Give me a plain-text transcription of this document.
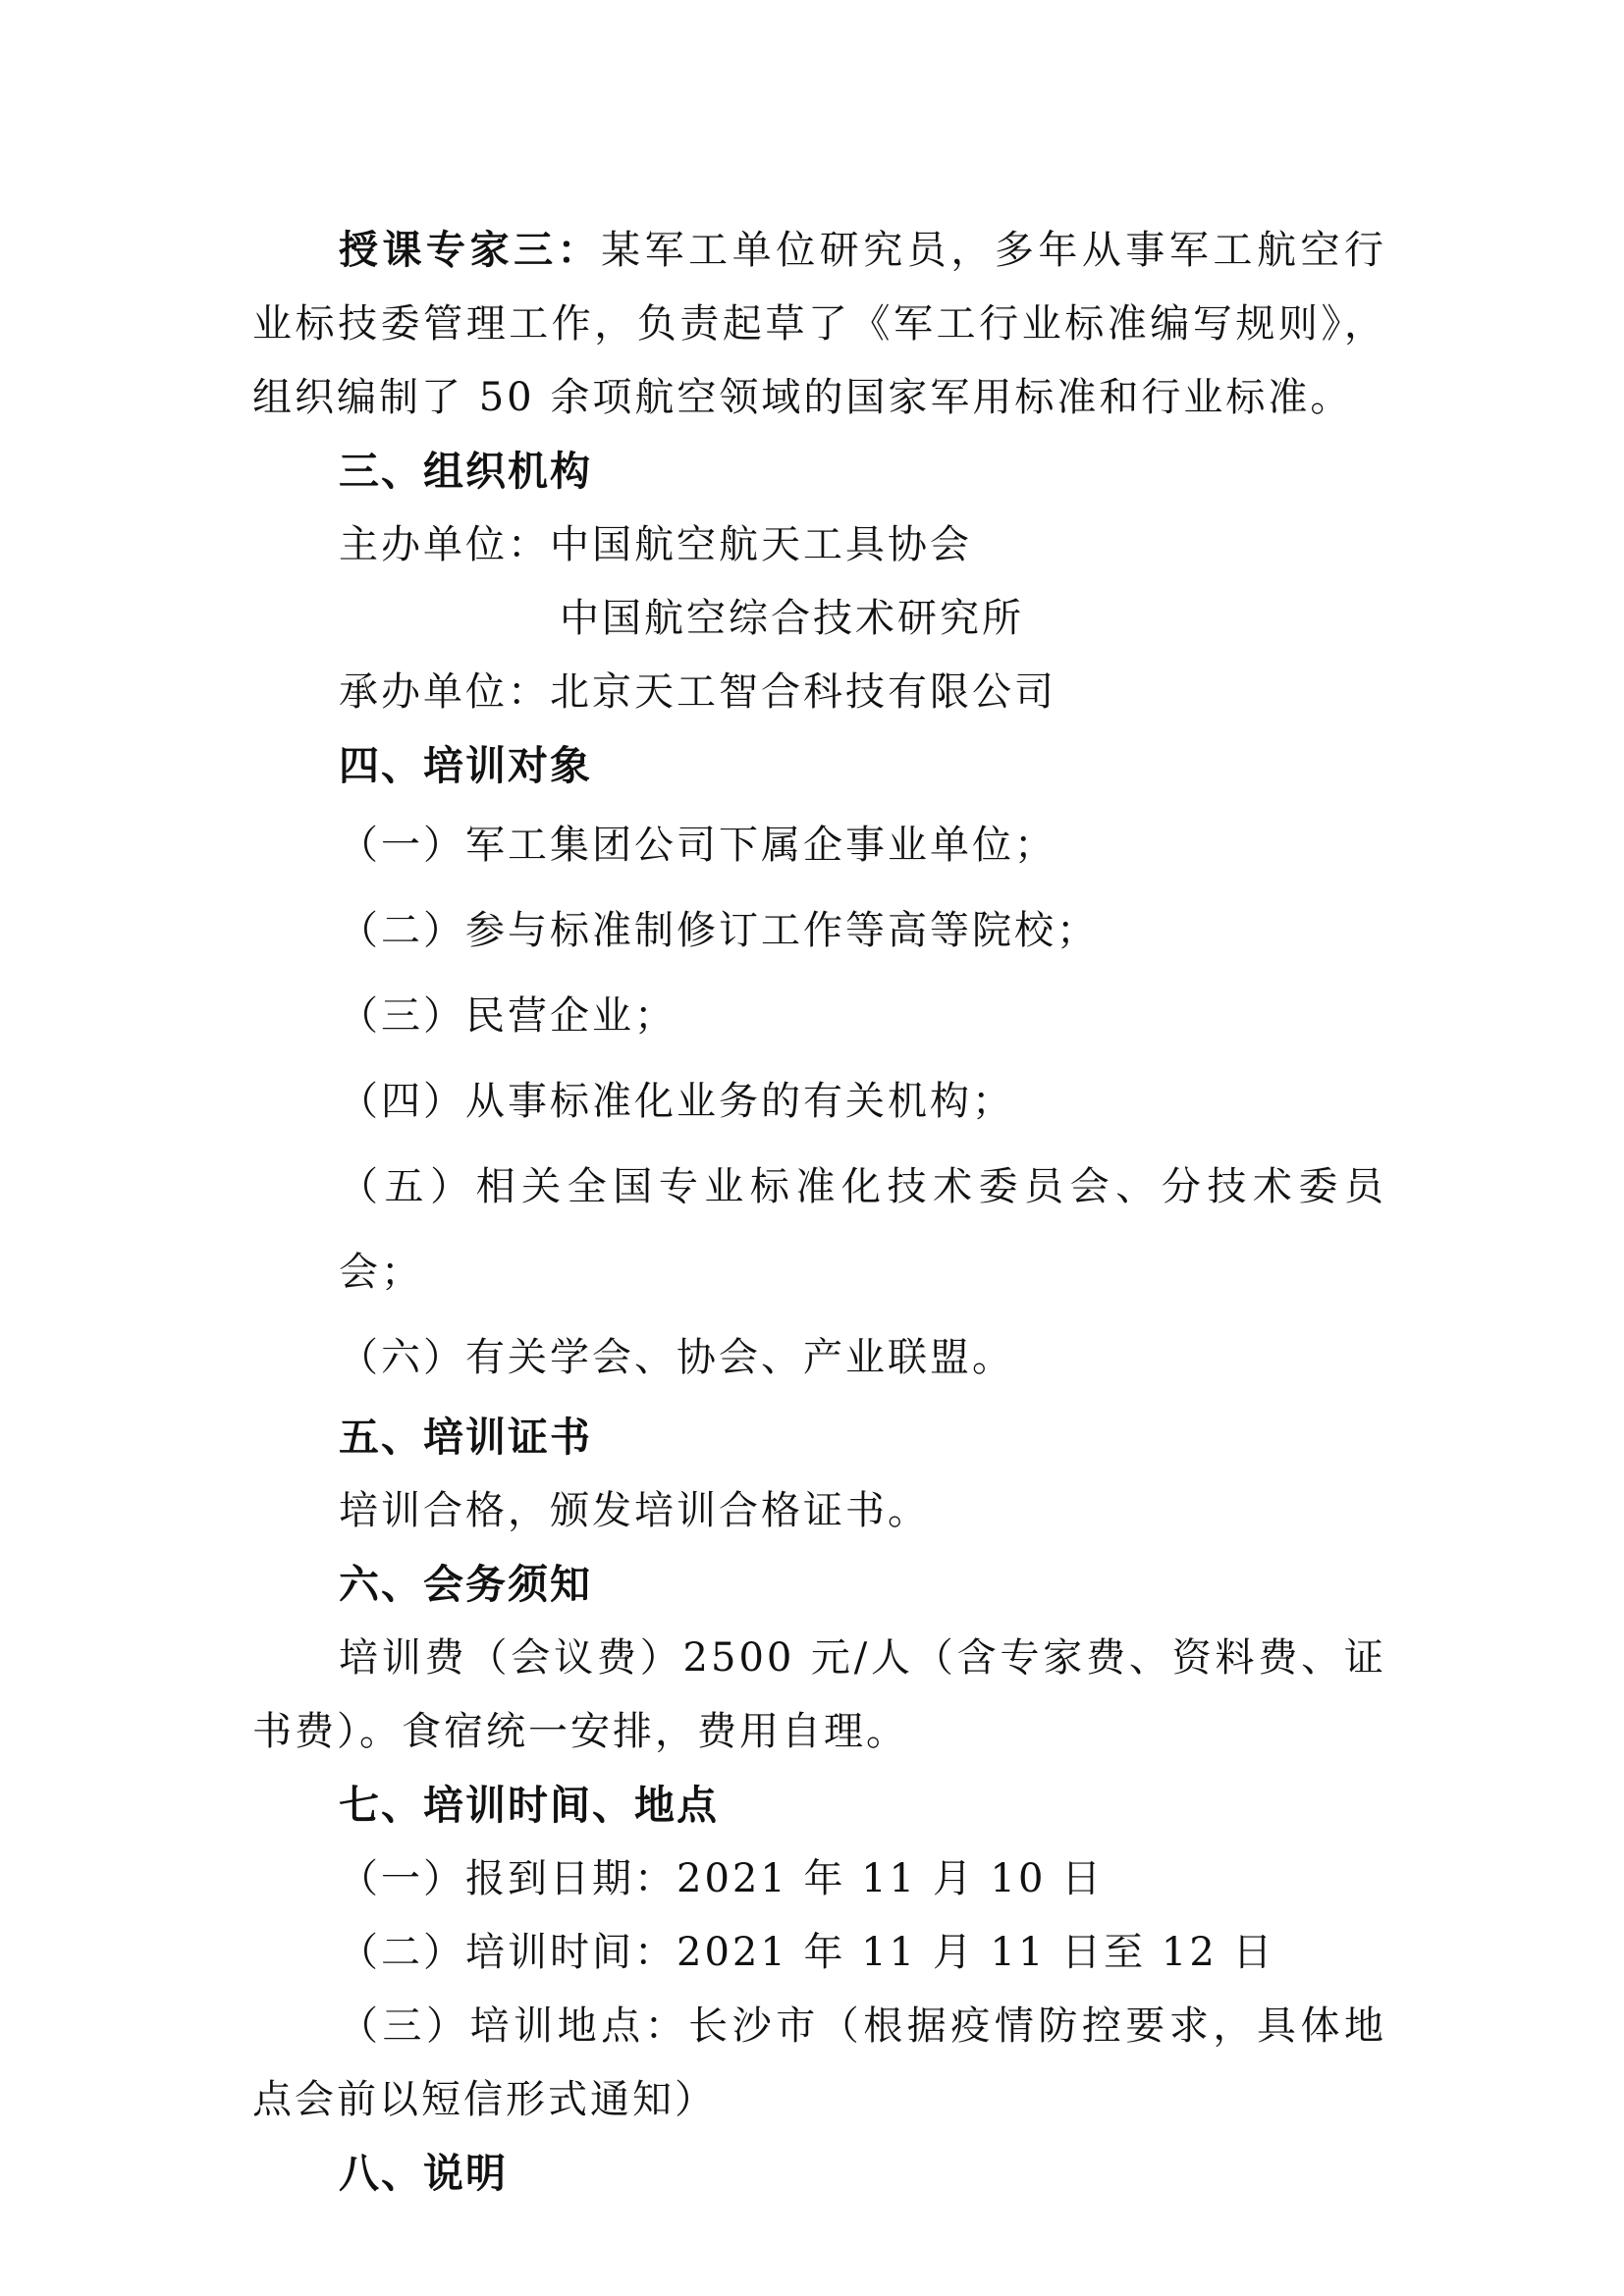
授课专家三：某军工单位研究员，多年从事军工航空行业标技委管理工作，负责起草了《军工行业标准编写规则》，组织编制了 50 余项航空领域的国家军用标准和行业标准。

三、组织机构

主办单位：中国航空航天工具协会

中国航空综合技术研究所

承办单位：北京天工智合科技有限公司

四、培训对象

（一）军工集团公司下属企事业单位；

（二）参与标准制修订工作等高等院校；

（三）民营企业；

（四）从事标准化业务的有关机构；

（五）相关全国专业标准化技术委员会、分技术委员会；

（六）有关学会、协会、产业联盟。

五、培训证书

培训合格，颁发培训合格证书。

六、会务须知

培训费（会议费）2500 元/人（含专家费、资料费、证书费）。食宿统一安排，费用自理。

七、培训时间、地点

（一）报到日期：2021 年 11 月 10 日

（二）培训时间：2021 年 11 月 11 日至 12 日

（三）培训地点：长沙市（根据疫情防控要求，具体地点会前以短信形式通知）

八、说明
